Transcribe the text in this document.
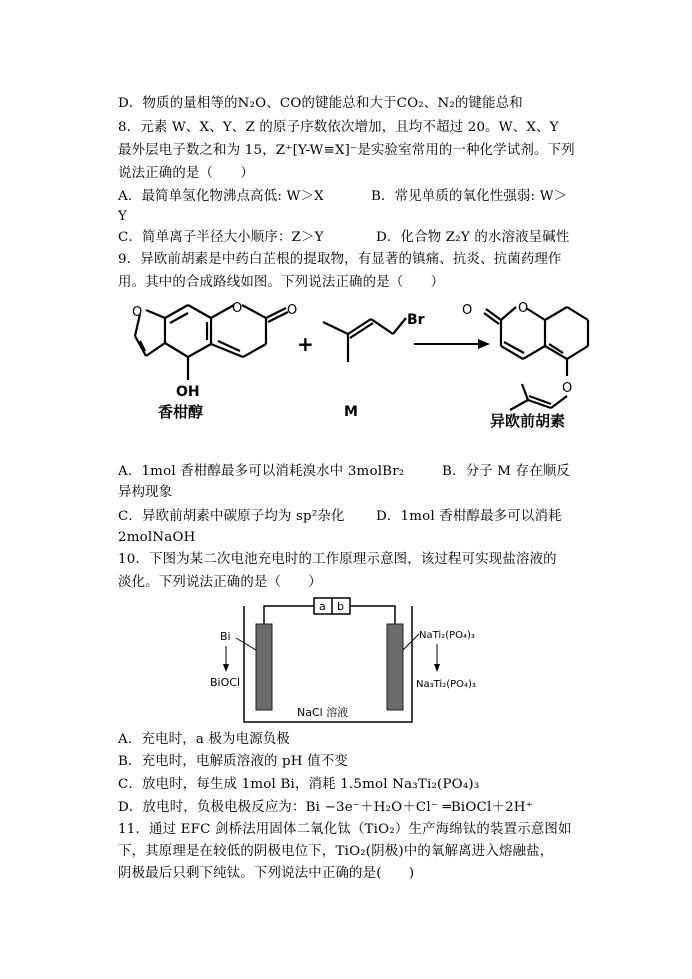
D．物质的量相等的N₂O、CO的键能总和大于CO₂、N₂的键能总和
8．元素 W、X、Y、Z 的原子序数依次增加，且均不超过 20。W、X、Y
最外层电子数之和为 15，Z⁺[Y-W≡X]⁻是实验室常用的一种化学试剂。下列
说法正确的是（　　）
A．最简单氢化物沸点高低: W＞X	B．常见单质的氧化性强弱: W＞
Y
C．简单离子半径大小顺序：Z＞Y	D．化合物 Z₂Y 的水溶液呈碱性
9．异欧前胡素是中药白芷根的提取物，有显著的镇痛、抗炎、抗菌药理作
用。其中的合成路线如图。下列说法正确的是（　　）
O	O	O
OH
香柑醇
+
Br
M
O
O
O
异欧前胡素
A．1mol 香柑醇最多可以消耗溴水中 3molBr₂	B．分子 M 存在顺反
异构现象
C．异欧前胡素中碳原子均为 sp²杂化 D．1mol 香柑醇最多可以消耗
2molNaOH
10．下图为某二次电池充电时的工作原理示意图，该过程可实现盐溶液的
淡化。下列说法正确的是（　　）
a b
Bi
BiOCl
NaTi₂(PO₄)₃
Na₃Ti₂(PO₄)₃
NaCl 溶液
A．充电时，a 极为电源负极
B．充电时，电解质溶液的 pH 值不变
C．放电时，每生成 1mol Bi，消耗 1.5mol Na₃Ti₂(PO₄)₃
D．放电时，负极电极反应为：Bi −3e⁻＋H₂O＋Cl⁻ ═BiOCl＋2H⁺
11．通过 EFC 剑桥法用固体二氧化钛（TiO₂）生产海绵钛的装置示意图如
下，其原理是在较低的阴极电位下，TiO₂(阴极)中的氧解离进入熔融盐，
阴极最后只剩下纯钛。下列说法中正确的是(　　)
